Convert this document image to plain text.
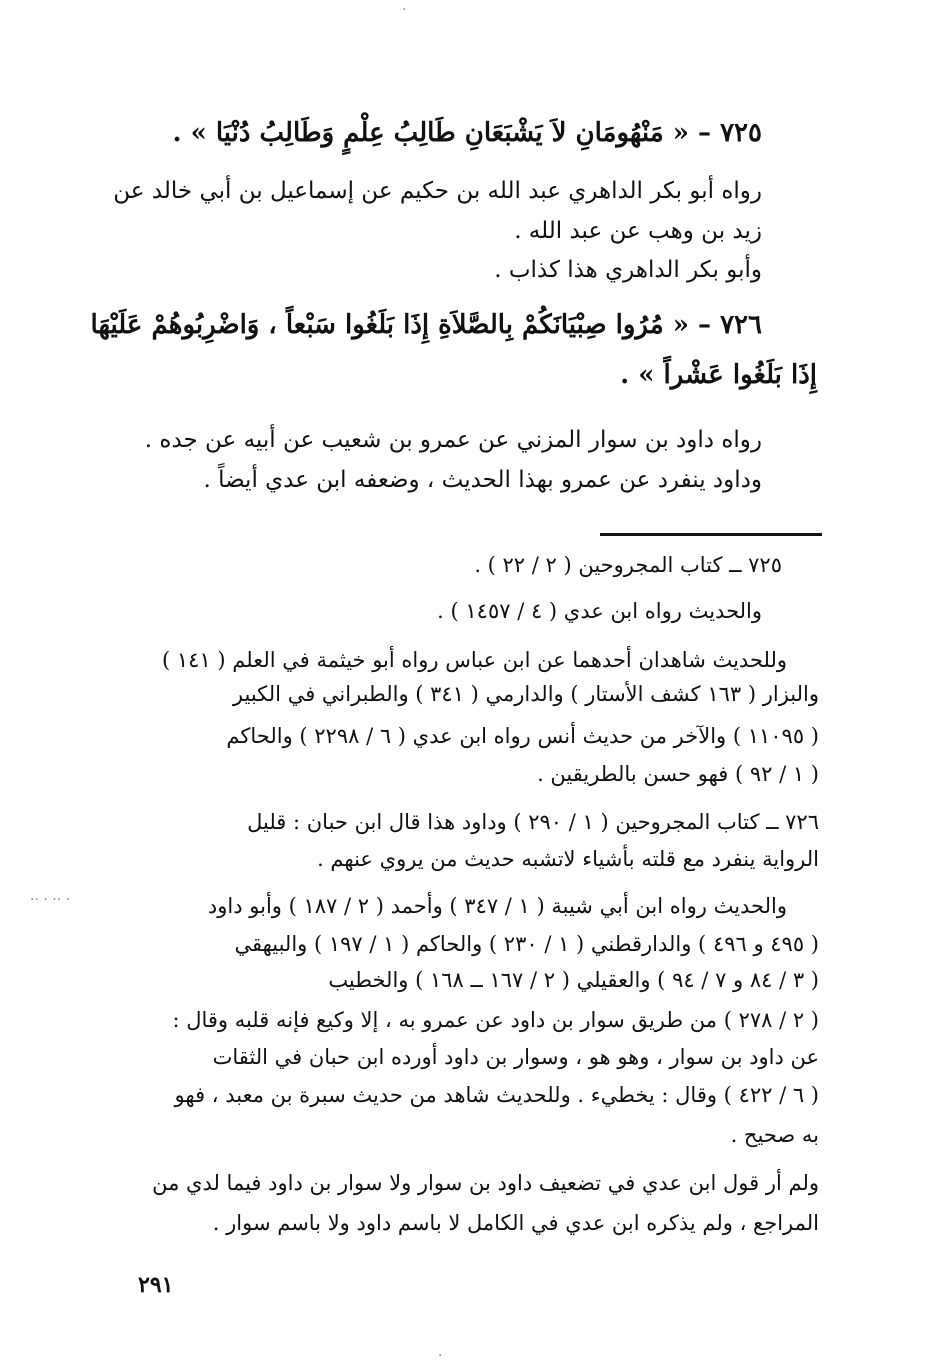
٧٢٥ – « مَنْهُومَانِ لاَ يَشْبَعَانِ طَالِبُ عِلْمٍ وَطَالِبُ دُنْيَا » .
رواه أبو بكر الداهري عبد الله بن حكيم عن إسماعيل بن أبي خالد عن
زيد بن وهب عن عبد الله .
وأبو بكر الداهري هذا كذاب .
٧٢٦ – « مُرُوا صِبْيَانَكُمْ بِالصَّلاَةِ إِذَا بَلَغُوا سَبْعاً ، وَاضْرِبُوهُمْ عَلَيْهَا
إِذَا بَلَغُوا عَشْراً » .
رواه داود بن سوار المزني عن عمرو بن شعيب عن أبيه عن جده .
وداود ينفرد عن عمرو بهذا الحديث ، وضعفه ابن عدي أيضاً .
٧٢٥ ــ كتاب المجروحين ( ٢ / ٢٢ ) .
والحديث رواه ابن عدي ( ٤ / ١٤٥٧ ) .
وللحديث شاهدان أحدهما عن ابن عباس رواه أبو خيثمة في العلم ( ١٤١ )
والبزار ( ١٦٣ كشف الأستار ) والدارمي ( ٣٤١ ) والطبراني في الكبير
( ١١٠٩٥ ) والآخر من حديث أنس رواه ابن عدي ( ٦ / ٢٢٩٨ ) والحاكم
( ١ / ٩٢ ) فهو حسن بالطريقين .
٧٢٦ ــ كتاب المجروحين ( ١ / ٢٩٠ ) وداود هذا قال ابن حبان : قليل
الرواية ينفرد مع قلته بأشياء لاتشبه حديث من يروي عنهم .
والحديث رواه ابن أبي شيبة ( ١ / ٣٤٧ ) وأحمد ( ٢ / ١٨٧ ) وأبو داود
( ٤٩٥ و ٤٩٦ ) والدارقطني ( ١ / ٢٣٠ ) والحاكم ( ١ / ١٩٧ ) والبيهقي
( ٣ / ٨٤ و ٧ / ٩٤ ) والعقيلي ( ٢ / ١٦٧ ــ ١٦٨ ) والخطيب
( ٢ / ٢٧٨ ) من طريق سوار بن داود عن عمرو به ، إلا وكيع فإنه قلبه وقال :
عن داود بن سوار ، وهو هو ، وسوار بن داود أورده ابن حبان في الثقات
( ٦ / ٤٢٢ ) وقال : يخطيء . وللحديث شاهد من حديث سبرة بن معبد ، فهو
به صحيح .
ولم أر قول ابن عدي في تضعيف داود بن سوار ولا سوار بن داود فيما لدي من
المراجع ، ولم يذكره ابن عدي في الكامل لا باسم داود ولا باسم سوار .
٢٩١
·
·· · ·· ·
·
